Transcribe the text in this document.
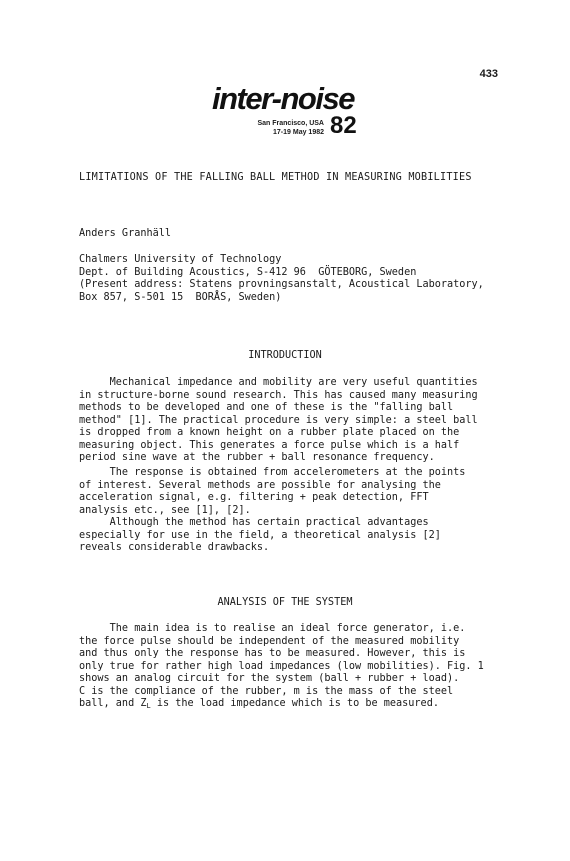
433
inter-noise
San Francisco, USA
17-19 May 1982 82
LIMITATIONS OF THE FALLING BALL METHOD IN MEASURING MOBILITIES
Anders Granhäll
Chalmers University of Technology
Dept. of Building Acoustics, S-412 96  GÖTEBORG, Sweden
(Present address: Statens provningsanstalt, Acoustical Laboratory,
Box 857, S-501 15  BORÅS, Sweden)
INTRODUCTION
Mechanical impedance and mobility are very useful quantities
in structure-borne sound research. This has caused many measuring
methods to be developed and one of these is the "falling ball
method" [1]. The practical procedure is very simple: a steel ball
is dropped from a known height on a rubber plate placed on the
measuring object. This generates a force pulse which is a half
period sine wave at the rubber + ball resonance frequency.
The response is obtained from accelerometers at the points
of interest. Several methods are possible for analysing the
acceleration signal, e.g. filtering + peak detection, FFT
analysis etc., see [1], [2].
Although the method has certain practical advantages
especially for use in the field, a theoretical analysis [2]
reveals considerable drawbacks.
ANALYSIS OF THE SYSTEM
The main idea is to realise an ideal force generator, i.e.
the force pulse should be independent of the measured mobility
and thus only the response has to be measured. However, this is
only true for rather high load impedances (low mobilities). Fig. 1
shows an analog circuit for the system (ball + rubber + load).
C is the compliance of the rubber, m is the mass of the steel
ball, and $Z_L$ is the load impedance which is to be measured.
